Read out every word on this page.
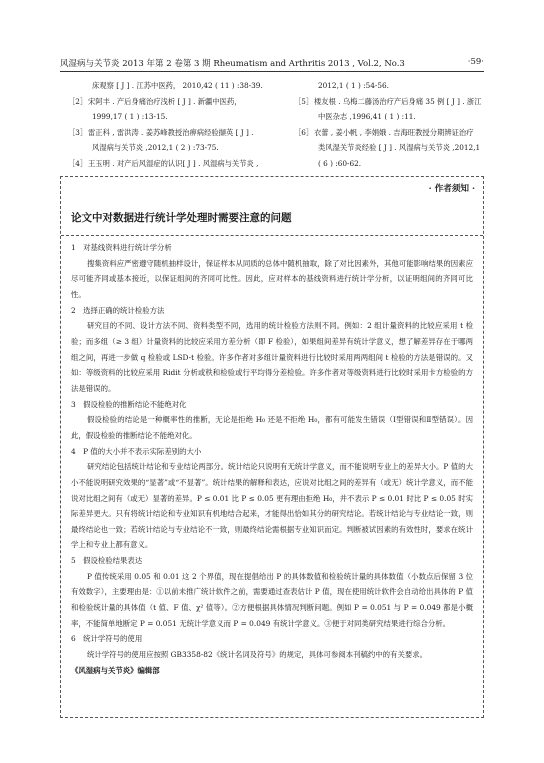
风湿病与关节炎 2013 年第 2 卷第 3 期 Rheumatism and Arthritis 2013 , Vol.2, No.3	·59·
床观察 [ J ] . 江苏中医药， 2010,42 ( 11 ) :38-39.
［2］ 宋阿丰 . 产后身痛治疗浅析 [ J ] . 新疆中医药，
1999,17 ( 1 ) :13-15.
［3］ 雷正科 , 雷洪涛 . 姜苏峰教授治痹病经验撷英 [ J ] .
风湿病与关节炎 ,2012,1 ( 2 ) :73-75.
［4］ 王玉明 . 对产后风湿症的认识[ J ] . 风湿病与关节炎 ,
2012,1 ( 1 ) :54-56.
［5］ 楼友根 . 乌梅二藤汤治疗产后身痛 35 例 [ J ] . 浙江
中医杂志 ,1996,41 ( 1 ) :11.
［6］ 衣蕾 , 姜小帆 , 李娟娥 . 吉海旺教授分期辨证治疗
类风湿关节炎经验 [ J ] . 风湿病与关节炎 ,2012,1
( 6 ) :60-62.
· 作者须知 ·
论文中对数据进行统计学处理时需要注意的问题

1　对基线资料进行统计学分析

搜集资料应严密遵守随机抽样设计，保证样本从同质的总体中随机抽取，除了对比因素外，其他可能影响结果的因素应尽可能齐同或基本接近，以保证组间的齐同可比性。因此，应对样本的基线资料进行统计学分析，以证明组间的齐同可比性。

2　选择正确的统计检验方法

研究目的不同、设计方法不同、资料类型不同，选用的统计检验方法则不同。例如：2 组计量资料的比较应采用 t 检验；而多组（≥ 3 组）计量资料的比较应采用方差分析（即 F 检验），如果组间差异有统计学意义，想了解差异存在于哪两组之间，再进一步做 q 检验或 LSD-t 检验。许多作者对多组计量资料进行比较时采用两两组间 t 检验的方法是错误的。又如：等级资料的比较应采用 Ridit 分析或秩和检验或行平均得分差检验。许多作者对等级资料进行比较时采用卡方检验的方法是错误的。

3　假设检验的推断结论不能绝对化

假设检验的结论是一种概率性的推断，无论是拒绝 H₀ 还是不拒绝 H₀，都有可能发生错误（Ⅰ型错误和Ⅱ型错误）。因此，假设检验的推断结论不能绝对化。

4　P 值的大小并不表示实际差别的大小

研究结论包括统计结论和专业结论两部分。统计结论只说明有无统计学意义，而不能说明专业上的差异大小。P 值的大小不能说明研究效果的“显著”或“不显著”。统计结果的解释和表达，应说对比组之间的差异有（或无）统计学意义，而不能说对比组之间有（或无）显著的差异。P ≤ 0.01 比 P ≤ 0.05 更有理由拒绝 H₀，并不表示 P ≤ 0.01 时比 P ≤ 0.05 时实际差异更大。只有将统计结论和专业知识有机地结合起来，才能得出恰如其分的研究结论。若统计结论与专业结论一致，则最终结论也一致；若统计结论与专业结论不一致，则最终结论需根据专业知识而定。判断被试因素的有效性时，要求在统计学上和专业上都有意义。

5　假设检验结果表达

P 值传统采用 0.05 和 0.01 这 2 个界值，现在提倡给出 P 的具体数值和检验统计量的具体数值（小数点后保留 3 位有效数字），主要理由是：①以前未推广统计软件之前，需要通过查表估计 P 值，现在使用统计软件会自动给出具体的 P 值和检验统计量的具体值（t 值、F 值、χ² 值等）。②方便根据具体情况判断问题。例如 P = 0.051 与 P = 0.049 都是小概率，不能简单地断定 P = 0.051 无统计学意义而 P = 0.049 有统计学意义。③便于对同类研究结果进行综合分析。

6　统计学符号的使用

统计学符号的使用应按照 GB3358-82《统计名词及符号》的规定，具体可参阅本刊稿约中的有关要求。

《风湿病与关节炎》编辑部
